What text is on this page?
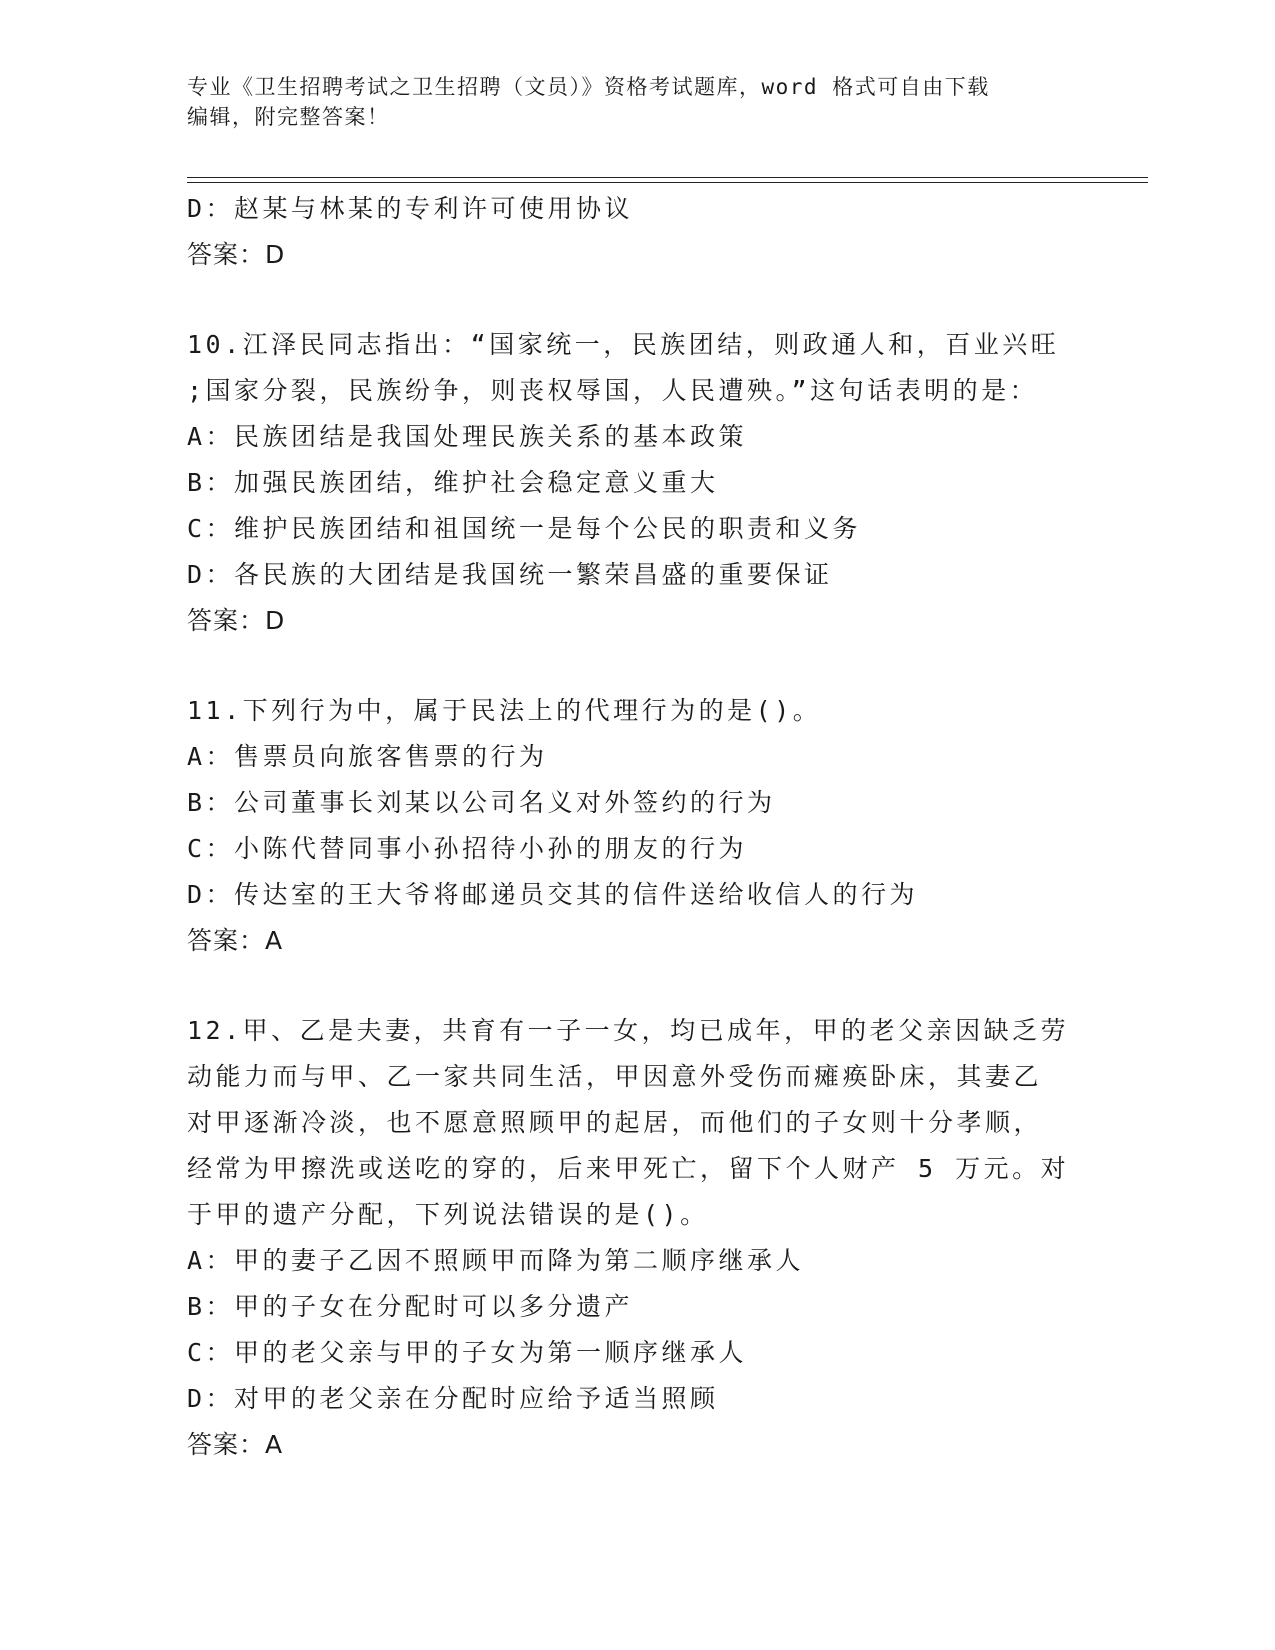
专业《卫生招聘考试之卫生招聘（文员）》资格考试题库，word 格式可自由下载
编辑，附完整答案！
D：赵某与林某的专利许可使用协议
答案：D
10.江泽民同志指出：“国家统一，民族团结，则政通人和，百业兴旺
;国家分裂，民族纷争，则丧权辱国，人民遭殃。”这句话表明的是：
A：民族团结是我国处理民族关系的基本政策
B：加强民族团结，维护社会稳定意义重大
C：维护民族团结和祖国统一是每个公民的职责和义务
D：各民族的大团结是我国统一繁荣昌盛的重要保证
答案：D
11.下列行为中，属于民法上的代理行为的是()。
A：售票员向旅客售票的行为
B：公司董事长刘某以公司名义对外签约的行为
C：小陈代替同事小孙招待小孙的朋友的行为
D：传达室的王大爷将邮递员交其的信件送给收信人的行为
答案：A
12.甲、乙是夫妻，共育有一子一女，均已成年，甲的老父亲因缺乏劳
动能力而与甲、乙一家共同生活，甲因意外受伤而瘫痪卧床，其妻乙
对甲逐渐冷淡，也不愿意照顾甲的起居，而他们的子女则十分孝顺，
经常为甲擦洗或送吃的穿的，后来甲死亡，留下个人财产 5 万元。对
于甲的遗产分配，下列说法错误的是()。
A：甲的妻子乙因不照顾甲而降为第二顺序继承人
B：甲的子女在分配时可以多分遗产
C：甲的老父亲与甲的子女为第一顺序继承人
D：对甲的老父亲在分配时应给予适当照顾
答案：A
